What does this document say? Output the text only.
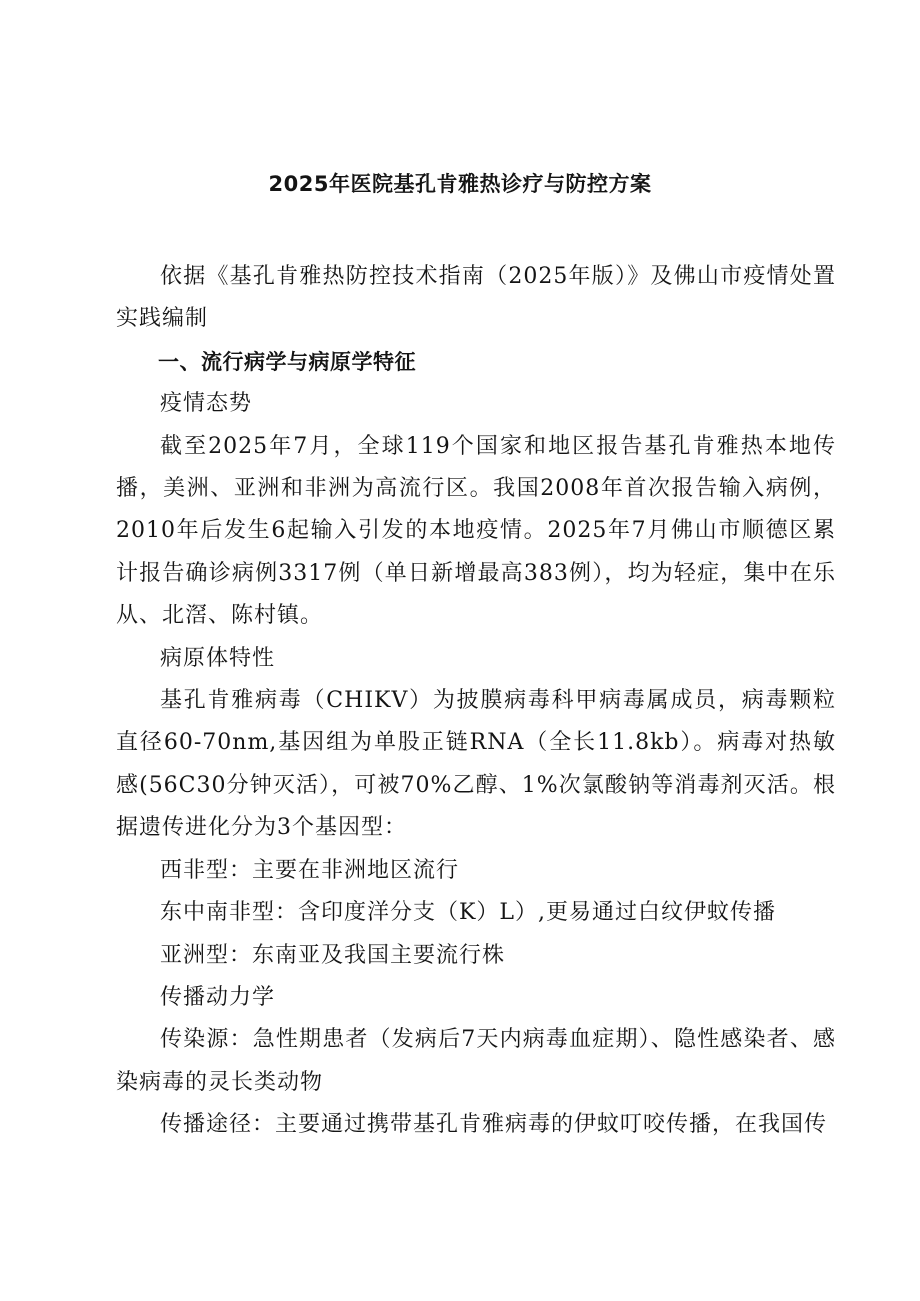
2025年医院基孔肯雅热诊疗与防控方案

依据《基孔肯雅热防控技术指南（2025年版）》及佛山市疫情处置实践编制

一、流行病学与病原学特征

疫情态势

截至2025年7月，全球119个国家和地区报告基孔肯雅热本地传播，美洲、亚洲和非洲为高流行区。我国2008年首次报告输入病例，2010年后发生6起输入引发的本地疫情。2025年7月佛山市顺德区累计报告确诊病例3317例（单日新增最高383例），均为轻症，集中在乐从、北滘、陈村镇。

病原体特性

基孔肯雅病毒（CHIKV）为披膜病毒科甲病毒属成员，病毒颗粒直径60-70nm,基因组为单股正链RNA（全长11.8kb）。病毒对热敏感(56C30分钟灭活），可被70%乙醇、1%次氯酸钠等消毒剂灭活。根据遗传进化分为3个基因型：

西非型：主要在非洲地区流行

东中南非型：含印度洋分支（K）L）,更易通过白纹伊蚊传播

亚洲型：东南亚及我国主要流行株

传播动力学

传染源：急性期患者（发病后7天内病毒血症期）、隐性感染者、感染病毒的灵长类动物

传播途径：主要通过携带基孔肯雅病毒的伊蚊叮咬传播，在我国传
